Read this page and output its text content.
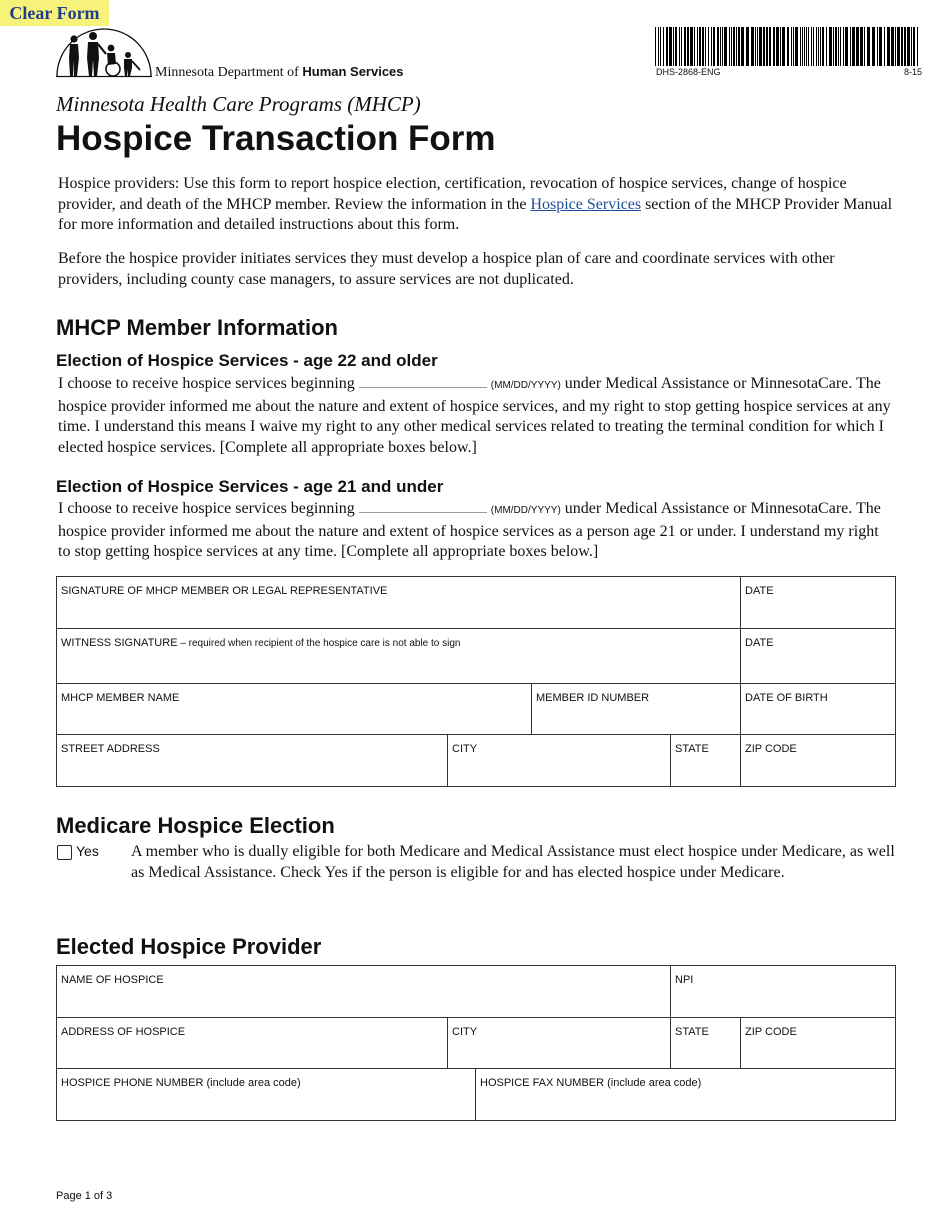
Clear Form
Minnesota Department of Human Services	DHS-2868-ENG	8-15
Minnesota Health Care Programs (MHCP)
Hospice Transaction Form
Hospice providers: Use this form to report hospice election, certification, revocation of hospice services, change of hospice provider, and death of the MHCP member. Review the information in the Hospice Services section of the MHCP Provider Manual for more information and detailed instructions about this form.
Before the hospice provider initiates services they must develop a hospice plan of care and coordinate services with other providers, including county case managers, to assure services are not duplicated.
MHCP Member Information
Election of Hospice Services - age 22 and older
I choose to receive hospice services beginning	(MM/DD/YYYY) under Medical Assistance or MinnesotaCare. The hospice provider informed me about the nature and extent of hospice services, and my right to stop getting hospice services at any time. I understand this means I waive my right to any other medical services related to treating the terminal condition for which I elected hospice services. [Complete all appropriate boxes below.]
Election of Hospice Services - age 21 and under
I choose to receive hospice services beginning	(MM/DD/YYYY) under Medical Assistance or MinnesotaCare. The hospice provider informed me about the nature and extent of hospice services as a person age 21 or under. I understand my right to stop getting hospice services at any time. [Complete all appropriate boxes below.]
SIGNATURE OF MHCP MEMBER OR LEGAL REPRESENTATIVE				DATE
WITNESS SIGNATURE – required when recipient of the hospice care is not able to sign				DATE
MHCP MEMBER NAME		MEMBER ID NUMBER		DATE OF BIRTH
STREET ADDRESS	CITY		STATE	ZIP CODE
Medicare Hospice Election
Yes A member who is dually eligible for both Medicare and Medical Assistance must elect hospice under Medicare, as well as Medical Assistance. Check Yes if the person is eligible for and has elected hospice under Medicare.
Elected Hospice Provider
NAME OF HOSPICE			NPI	
ADDRESS OF HOSPICE	CITY		STATE	ZIP CODE
HOSPICE PHONE NUMBER (include area code)		HOSPICE FAX NUMBER (include area code)		
Page 1 of 3
